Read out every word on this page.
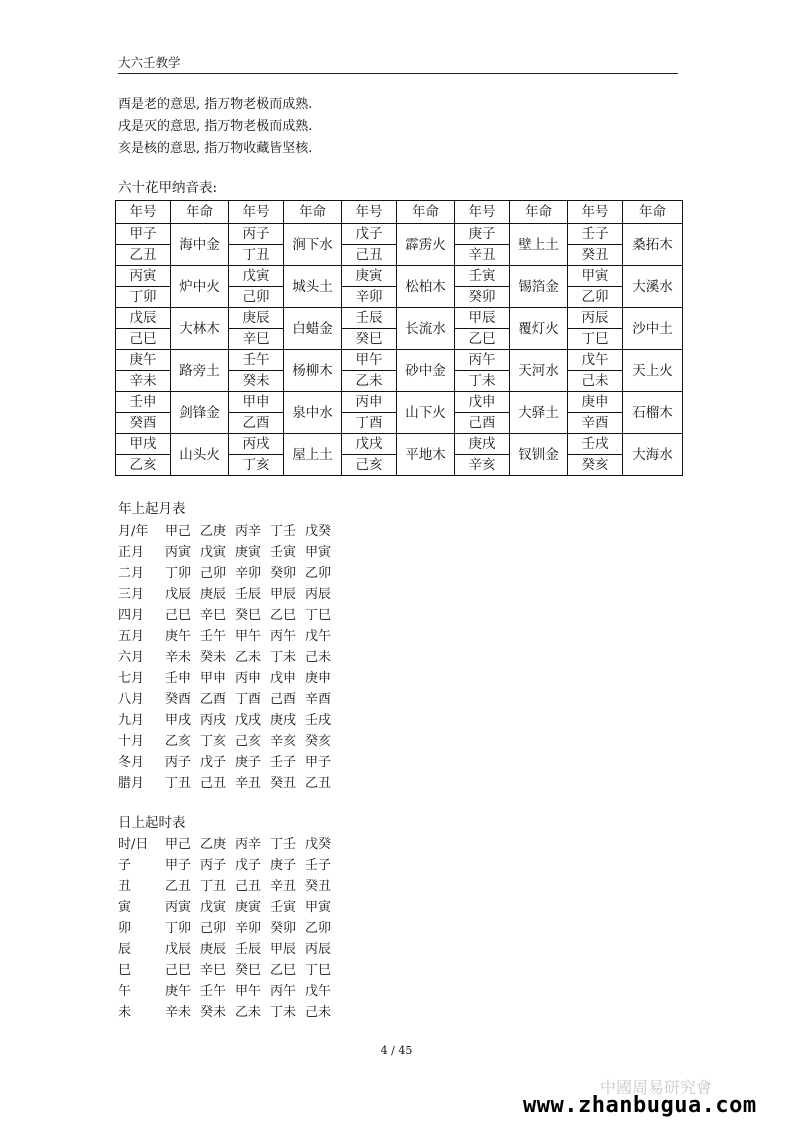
大六壬教学
酉是老的意思, 指万物老极而成熟.
戌是灭的意思, 指万物老极而成熟.
亥是核的意思, 指万物收藏皆坚核.
六十花甲纳音表:
年号	年命	年号	年命	年号	年命	年号	年命	年号	年命
甲子	海中金	丙子	涧下水	戊子	霹雳火	庚子	壁上土	壬子	桑拓木
乙丑		丁丑		己丑		辛丑		癸丑	
丙寅	炉中火	戊寅	城头土	庚寅	松柏木	壬寅	锡箔金	甲寅	大溪水
丁卯		己卯		辛卯		癸卯		乙卯	
戊辰	大林木	庚辰	白蜡金	壬辰	长流水	甲辰	覆灯火	丙辰	沙中土
己巳		辛巳		癸巳		乙巳		丁巳	
庚午	路旁土	壬午	杨柳木	甲午	砂中金	丙午	天河水	戊午	天上火
辛未		癸未		乙未		丁未		己未	
壬申	剑锋金	甲申	泉中水	丙申	山下火	戊申	大驿土	庚申	石榴木
癸酉		乙酉		丁酉		己酉		辛酉	
甲戌	山头火	丙戌	屋上土	戊戌	平地木	庚戌	钗钏金	壬戌	大海水
乙亥		丁亥		己亥		辛亥		癸亥	
年上起月表
月/年 甲己 乙庚 丙辛 丁壬 戊癸
正月 丙寅 戊寅 庚寅 壬寅 甲寅
二月 丁卯 己卯 辛卯 癸卯 乙卯
三月 戊辰 庚辰 壬辰 甲辰 丙辰
四月 己巳 辛巳 癸巳 乙巳 丁巳
五月 庚午 壬午 甲午 丙午 戊午
六月 辛未 癸未 乙未 丁未 己未
七月 壬申 甲申 丙申 戊申 庚申
八月 癸酉 乙酉 丁酉 己酉 辛酉
九月 甲戌 丙戌 戊戌 庚戌 壬戌
十月 乙亥 丁亥 己亥 辛亥 癸亥
冬月 丙子 戊子 庚子 壬子 甲子
腊月 丁丑 己丑 辛丑 癸丑 乙丑
日上起时表
时/日 甲己 乙庚 丙辛 丁壬 戊癸
子	甲子 丙子 戊子 庚子 壬子
丑	乙丑 丁丑 己丑 辛丑 癸丑
寅	丙寅 戊寅 庚寅 壬寅 甲寅
卯	丁卯 己卯 辛卯 癸卯 乙卯
辰	戊辰 庚辰 壬辰 甲辰 丙辰
巳	己巳 辛巳 癸巳 乙巳 丁巳
午	庚午 壬午 甲午 丙午 戊午
未	辛未 癸未 乙未 丁未 己未
4 / 45
中國周易研究會
www.zhanbugua.com
